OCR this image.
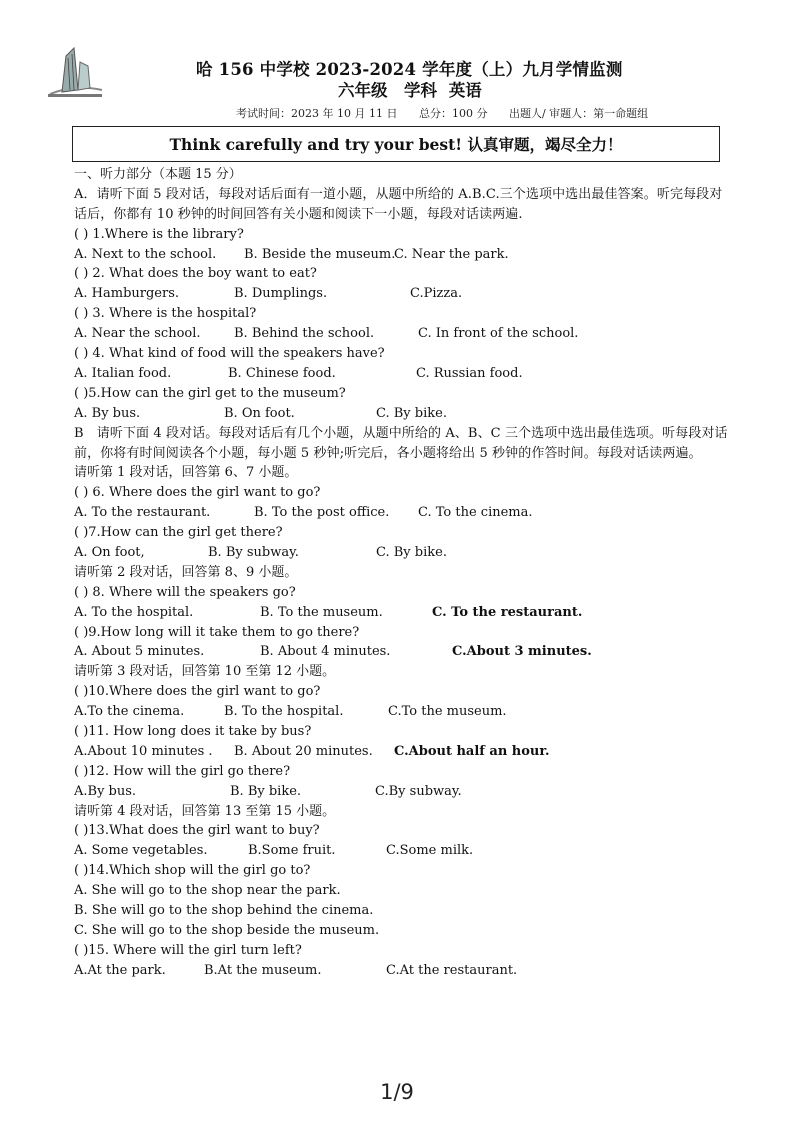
哈 156 中学校 2023-2024 学年度（上）九月学情监测
六年级　学科 英语
考试时间：2023 年 10 月 11 日 总分：100 分 出题人/ 审题人：第一命题组
Think carefully and try your best! 认真审题，竭尽全力！
一、听力部分（本题 15 分）
A．请听下面 5 段对话，每段对话后面有一道小题，从题中所给的 A.B.C.三个选项中选出最佳答案。听完每段对话后，你都有 10 秒钟的时间回答有关小题和阅读下一小题，每段对话读两遍.
( ) 1.Where is the library?
A. Next to the school. B. Beside the museum.C. Near the park.
( ) 2. What does the boy want to eat?
A. Hamburgers.	B. Dumplings.	C.Pizza.
( ) 3. Where is the hospital?
A. Near the school.	B. Behind the school.	C. In front of the school.
( ) 4. What kind of food will the speakers have?
A. Italian food.	B. Chinese food.	C. Russian food.
( )5.How can the girl get to the museum?
A. By bus.	B. On foot.	C. By bike.
B　请听下面 4 段对话。每段对话后有几个小题，从题中所给的 A、B、C 三个选项中选出最佳选项。听每段对话前，你将有时间阅读各个小题，每小题 5 秒钟;听完后，各小题将给出 5 秒钟的作答时间。每段对话读两遍。
请听第 1 段对话，回答第 6、7 小题。
( ) 6. Where does the girl want to go?
A. To the restaurant.	B. To the post office. C. To the cinema.
( )7.How can the girl get there?
A. On foot,	B. By subway.	C. By bike.
请听第 2 段对话，回答第 8、9 小题。
( ) 8. Where will the speakers go?
A. To the hospital.	B. To the museum.	C. To the restaurant.
( )9.How long will it take them to go there?
A. About 5 minutes.	B. About 4 minutes.	C.About 3 minutes.
请听第 3 段对话，回答第 10 至第 12 小题。
( )10.Where does the girl want to go?
A.To the cinema.	B. To the hospital.	C.To the museum.
( )11. How long does it take by bus?
A.About 10 minutes . B. About 20 minutes. C.About half an hour.
( )12. How will the girl go there?
A.By bus.	B. By bike.	C.By subway.
请听第 4 段对话，回答第 13 至第 15 小题。
( )13.What does the girl want to buy?
A. Some vegetables.	B.Some fruit.	C.Some milk.
( )14.Which shop will the girl go to?
A. She will go to the shop near the park.
B. She will go to the shop behind the cinema.
C. She will go to the shop beside the museum.
( )15. Where will the girl turn left?
A.At the park.	B.At the museum.	C.At the restaurant.
1/9
